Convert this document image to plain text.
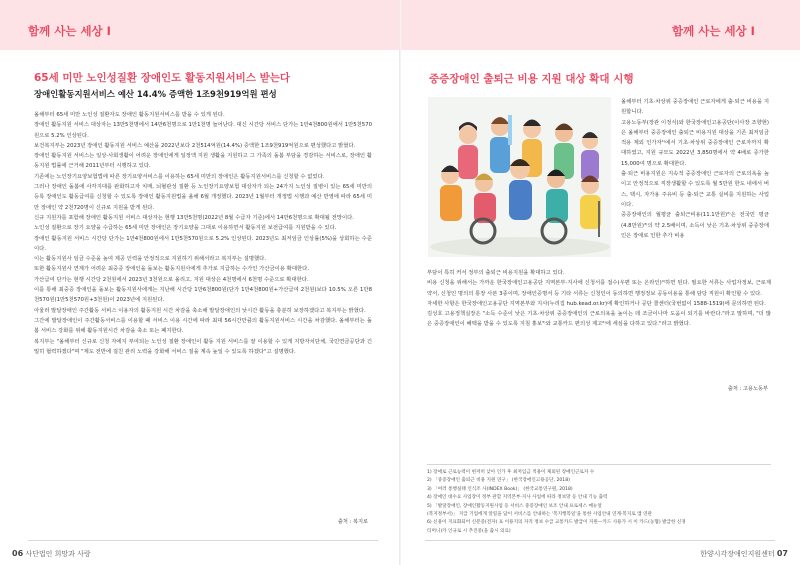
함께 사는 세상 Ⅰ
65세 미만 노인성질환 장애인도 활동지원서비스 받는다
장애인활동지원서비스 예산 14.4% 증액한 1조9천919억원 편성

올해부터 65세 미만 노인성 질환자도 장애인 활동지원서비스를 받을 수 있게 된다.

장애인 활동지원 서비스 대상자는 13만5천명에서 14만6천명으로 1만1천명 늘어난다. 대신 시간당 서비스 단가는 1만4천800원에서 1만5천570원으로 5.2% 인상된다.

보건복지부는 2023년 장애인 활동지원 서비스 예산을 2022년보다 2천514억원(14.4%) 증액한 1조9천919억원으로 편성했다고 밝혔다.

장애인 활동지원 서비스는 일상·사회생활이 어려운 장애인에게 일정액 지원 생활을 지원하고 그 가족의 돌봄 부담을 경감하는 서비스로, 장애인 활동지원 법률에 근거해 2011년부터 시행하고 있다.

기존에는 노인장기요양보험법에 따른 장기요양서비스를 이용하는 65세 미만의 장애인은 활동지원서비스를 신청할 수 없었다.

그러나 장애인 돌봄에 사각지대를 완화하고자 치매, 뇌혈관성 질환 등 노인장기요양보험 대상자가 되는 24가지 노인성 질병이 있는 65세 미만의 등록 장애인도 활동급여를 신청할 수 있도록 장애인 활동지원법을 올해 6월 개정했다. 2023년 1월부터 개정법 시행과 예산 반영에 따라 65세 미만 장애인 약 2천720명이 신규로 지원을 받게 된다.

신규 지원자를 포함해 장애인 활동지원 서비스 대상자는 현행 13만5천명(2022년 8월 수급자 기준)에서 14만6천명으로 확대될 전망이다.

노인성 질환으로 장기 요양을 수급하는 65세 미만 장애인은 장기요양을 그대로 이용하면서 활동지원 보전급여를 지원받을 수 있다.

장애인 활동지원 서비스 시간당 단가는 1만4천800원에서 1만5천570원으로 5.2% 인상된다. 2023년도 최저임금 인상률(5%)을 상회하는 수준이다.

이는 활동지원사 임금 수준을 높여 제공 인력을 안정적으로 지원하기 위해서라고 복지부는 설명했다.

또한 활동지원사 연계가 어려운 최중증 장애인을 돌보는 활동지원사에게 추가로 지급하는 수가인 가산금이용 확대한다.

가산급여 단가는 현행 시간당 2천원에서 2023년 3천원으로 올리고, 지원 대상은 4천명에서 6천명 수준으로 확대한다.

이를 통해 최중증 장애인을 돌보는 활동지원사에게는 지난해 시간당 1만6천800원(단가 1만4천800원+가산급여 2천원)보다 10.5% 오른 1만8천570원(1만5천570원+3천원)이 2023년에 지원된다.

아울러 발달장애인 주간활동 서비스 이용자의 활동지원 시간 차감을 축소해 발달장애인의 낮시간 활동을 충분히 보장하겠다고 복지부는 밝혔다.

그간에 발달장애인이 주간활동서비스를 이용할 때 서비스 이용 시간에 따라 최대 56시간만큼의 활동지원서비스 시간을 차감했다. 올해부터는 돌봄 서비스 강화를 위해 활동지원시간 차감을 축소 또는 폐지한다.

복지부는 "올해부터 신규로 신청 자에지 부여되는 노인성 질환 장애인이 활동 지원 서비스를 잘 이용할 수 있게 지방자치단체, 국민연금공단과 긴밀히 협력하겠다"며 "제도 전반에 걸친 관리 노력을 강화해 서비스 질을 계속 높일 수 있도록 하겠다"고 설명했다.

출처 : 복지로
06 사단법인 희망과 사랑
함께 사는 세상 Ⅰ
중증장애인 출퇴근 비용 지원 대상 확대 시행

올해부터 기초·차상위 중증장애인 근로자에게 출·퇴근 비용을 지원합니다.

고용노동부(장관 이정식)와 한국장애인고용공단(이사장 조향현)은 올해부터 중증장애인 출퇴근 비용지원 대상을 기존 최저임금 적용 제외 인가자¹⁾에서 기초·차상위 중증장애인 근로자까지 확대하였고, 지원 규모도 2022년 3,850명에서 약 4배로 증가한 15,000여 명으로 확대한다.

출·퇴근 비용지원은 지속적 중증장애인 근로자의 근로의욕을 높이고 안정적으로 직장생활할 수 있도록 월 5만원 한도 내에서 버스, 택시, 자가용 주유비 등 출·퇴근 교통 실비를 지원하는 사업이다.

중증장애인의 월평균 출퇴근비용(11.1만원)²⁾은 전국민 평균(4.8만원)³⁾의 약 2.5배이며, 소득이 낮은 기초·차상위 중증장애인은 장애로 인한 추가 비용

부담이 특히 커서 정부의 출퇴근 비용지원을 확대하고 있다.

비용 신청을 위해서는 가까운 한국장애인고용공단 지역본부·지사에 신청서를 접수(우편 또는 온라인)⁴⁾하면 된다. 필요한 서류는 사업자정보, 근로계약서, 신청인 명의의 통장 사본 3종이며, 장애인증명서 등 기타 서류는 신청인이 동의하면 행정정보 공동이용을 통해 담당 직원이 확인할 수 있다.

자세한 사항은 한국장애인고용공단 지역본부와 지사(누리집 hub.kead.or.kr)에 확인하거나 공단 콜센터(국번없이 1588-1519)에 문의하면 된다.

김성호 고용정책실장은 "소득 수준이 낮은 기초·차상위 중증장애인의 근로의욕을 높이는 데 조금이나마 도움이 되기를 바란다."라고 말하며, "더 많은 중증장애인이 혜택을 받을 수 있도록 지침 홍보⁵⁾와 교통카드 편의성 제고⁶⁾에 세심을 다하고 있다."라고 밝혔다.

출처 : 고용노동부

1) 장애로 근로능력이 현저히 낮아 인가 후 최저임금 적용이 제외된 장애인근로자 수

2) 「중증장애인 출퇴근 비용 지원 연구」 (한국장애인고용공단, 2018)

3) 「여러 통행실태 인식조 사(INDEX Book)」 (한국교통연구원, 2018)

4) 장애인 대수요 사업장이 정부 관할 지역본부·지사 사업에 따라 정보망 등 안내 기능 출력

5) 「발달장애인, 장애인활동지원사업 등 서비스 중증장애인 보조 안내 프로세스 매뉴얼

(복지정부서)」 지급 기업에게 알릴을 담이 서비스를 안내하는 '복지행복일'을 통한 사업안내 연계·복지로 앱 연관

6) 신용이 지표화되어 신분증(전자) 표 이용지의 자격 정보 수급 교통카드 발급이 지원—카드 사용가 시 이 카드(농협) 발급한 신경

티머니)카 인규로 시 추진중(을 출시 의료)

한양시각장애인지원센터 07
